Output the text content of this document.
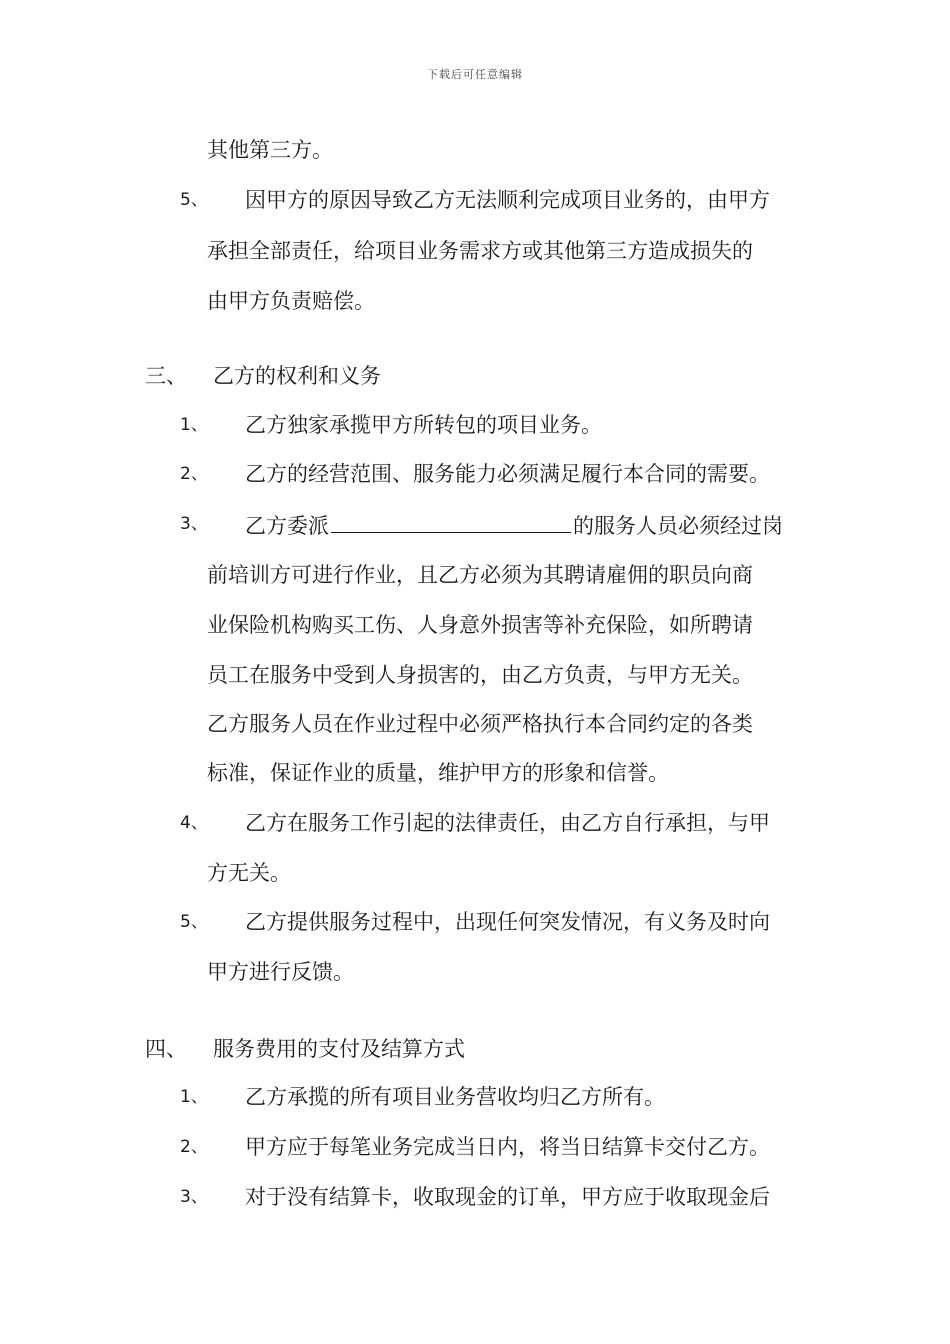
下载后可任意编辑
其他第三方。
5、 因甲方的原因导致乙方无法顺利完成项目业务的，由甲方
承担全部责任，给项目业务需求方或其他第三方造成损失的
由甲方负责赔偿。
三、 乙方的权利和义务
1、 乙方独家承揽甲方所转包的项目业务。
2、 乙方的经营范围、服务能力必须满足履行本合同的需要。
3、 乙方委派	的服务人员必须经过岗
前培训方可进行作业，且乙方必须为其聘请雇佣的职员向商
业保险机构购买工伤、人身意外损害等补充保险，如所聘请
员工在服务中受到人身损害的，由乙方负责，与甲方无关。
乙方服务人员在作业过程中必须严格执行本合同约定的各类
标准，保证作业的质量，维护甲方的形象和信誉。
4、 乙方在服务工作引起的法律责任，由乙方自行承担，与甲
方无关。
5、 乙方提供服务过程中，出现任何突发情况，有义务及时向
甲方进行反馈。
四、 服务费用的支付及结算方式
1、 乙方承揽的所有项目业务营收均归乙方所有。
2、 甲方应于每笔业务完成当日内，将当日结算卡交付乙方。
3、 对于没有结算卡，收取现金的订单，甲方应于收取现金后
